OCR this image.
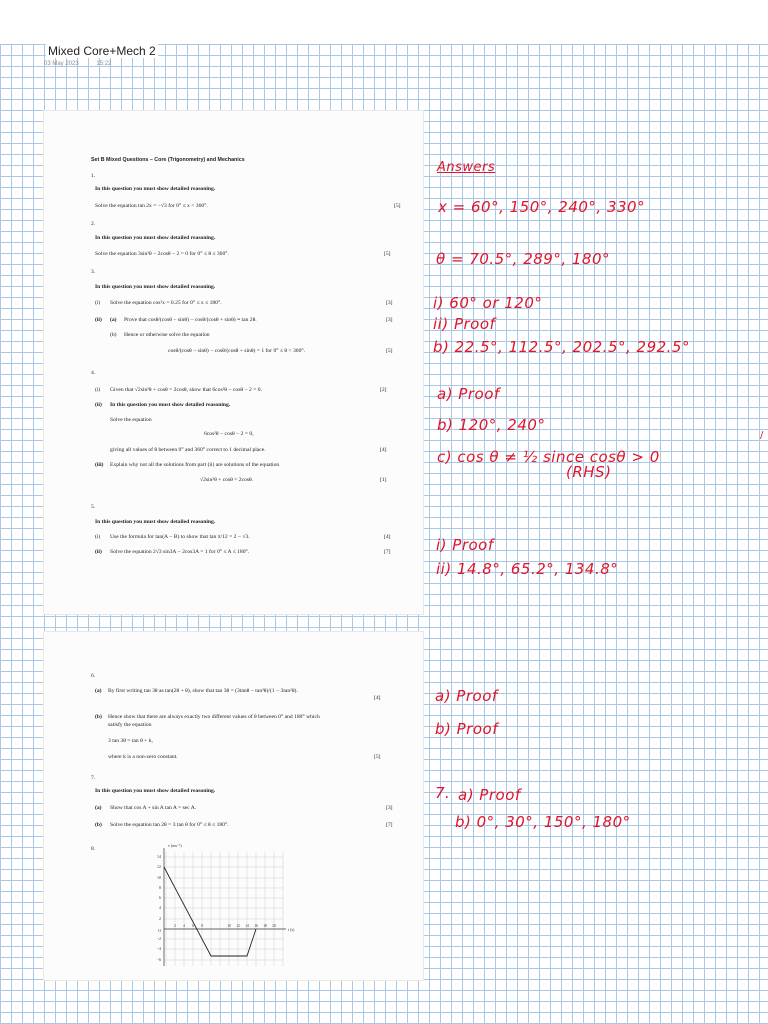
Mixed Core+Mech 2
03 May 2023	15:22
Set B Mixed Questions – Core (Trigonometry) and Mechanics
1.
In this question you must show detailed reasoning.
Solve the equation tan 2x = −√3 for 0° ≤ x < 360°.	[5]
2.
In this question you must show detailed reasoning.
Solve the equation 3sin²θ − 2cosθ − 2 = 0 for 0° ≤ θ ≤ 360°.	[5]
3.
In this question you must show detailed reasoning.
(i) Solve the equation cos²x = 0.25 for 0° ≤ x ≤ 180°.	[3]
(ii) (a) Prove that cosθ/(cosθ − sinθ) − cosθ/(cosθ + sinθ) ≡ tan 2θ.	[3]
(b) Hence or otherwise solve the equation
cosθ/(cosθ − sinθ) − cosθ/(cosθ + sinθ) = 1 for 0° ≤ θ < 360°.	[5]
4.
(i) Given that √2sin²θ + cosθ = 2cosθ, show that 6cos²θ − cosθ − 2 = 0.	[2]
(ii) In this question you must show detailed reasoning.
Solve the equation
6cos²θ − cosθ − 2 = 0,
giving all values of θ between 0° and 360° correct to 1 decimal place.	[4]
(iii) Explain why not all the solutions from part (ii) are solutions of the equation
√2sin²θ + cosθ = 2cosθ.	[1]
5.
In this question you must show detailed reasoning.
(i) Use the formula for tan(A − B) to show that tan π/12 = 2 − √3.	[4]
(ii) Solve the equation 2√3 sin3A − 2cos3A = 1 for 0° ≤ A ≤ 180°.	[7]
6.
(a) By first writing tan 3θ as tan(2θ + θ), show that tan 3θ = (3tanθ − tan³θ)/(1 − 3tan²θ).
[4]
(b) Hence show that there are always exactly two different values of θ between 0° and 180° which
satisfy the equation
3 tan 3θ = tan θ + k,
where k is a non-zero constant.	[5]
7.
In this question you must show detailed reasoning.
(a) Show that cos A + sin A tan A = sec A.	[3]
(b) Solve the equation tan 2θ = 3 tan θ for 0° ≤ θ ≤ 180°.	[7]
8.
v (ms⁻¹)
t (s)
14
12
10
8
6
4
2
O
−2
−4
−6
2 4 6 8	10 12 14 16 18 20
Answers
x = 60°, 150°, 240°, 330°
θ = 70.5°, 289°, 180°
i) 60° or 120°
ii) Proof
b) 22.5°, 112.5°, 202.5°, 292.5°
a) Proof
b) 120°, 240°
c) cos θ ≠ ½ since cosθ > 0
(RHS)
i) Proof
ii) 14.8°, 65.2°, 134.8°
a) Proof
b) Proof
7. a) Proof
b) 0°, 30°, 150°, 180°
/
